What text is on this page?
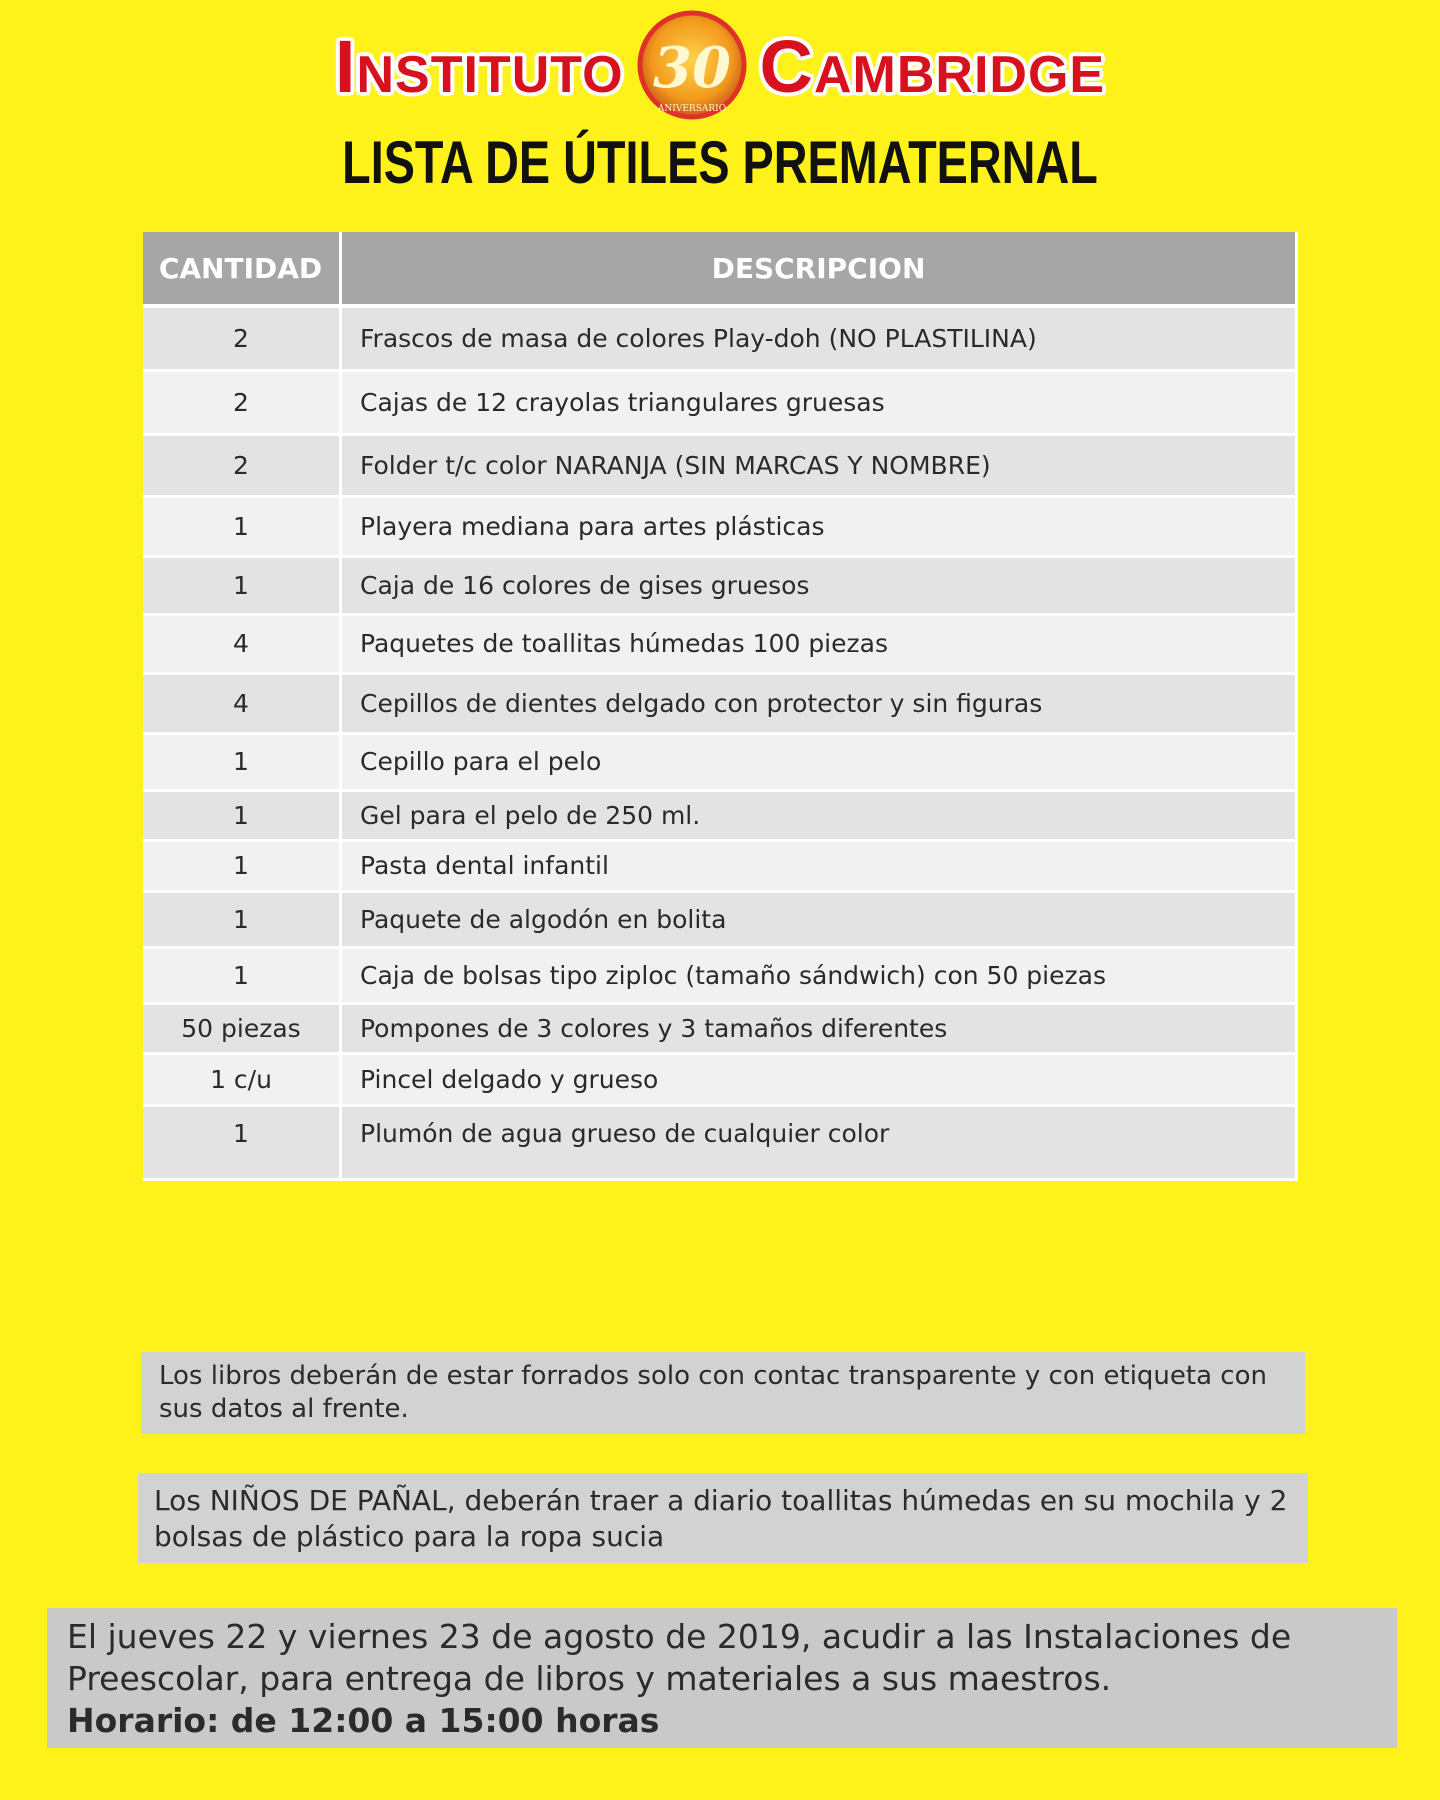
Instituto 30
ANIVERSARIO
Cambridge
LISTA DE ÚTILES PREMATERNAL
CANTIDAD	DESCRIPCION
2	Frascos de masa de colores Play-doh (NO PLASTILINA)
2	Cajas de 12 crayolas triangulares gruesas
2	Folder t/c color NARANJA (SIN MARCAS Y NOMBRE)
1	Playera mediana para artes plásticas
1	Caja de 16 colores de gises gruesos
4	Paquetes de toallitas húmedas 100 piezas
4	Cepillos de dientes delgado con protector y sin figuras
1	Cepillo para el pelo
1	Gel para el pelo de 250 ml.
1	Pasta dental infantil
1	Paquete de algodón en bolita
1	Caja de bolsas tipo ziploc (tamaño sándwich) con 50 piezas
50 piezas	Pompones de 3 colores y 3 tamaños diferentes
1 c/u	Pincel delgado y grueso
1	Plumón de agua grueso de cualquier color
Los libros deberán de estar forrados solo con contac transparente y con etiqueta con sus datos al frente.
Los NIÑOS DE PAÑAL, deberán traer a diario toallitas húmedas en su mochila y 2 bolsas de plástico para la ropa sucia
El jueves 22 y viernes 23 de agosto de 2019, acudir a las Instalaciones de Preescolar, para entrega de libros y materiales a sus maestros.
Horario: de 12:00 a 15:00 horas
